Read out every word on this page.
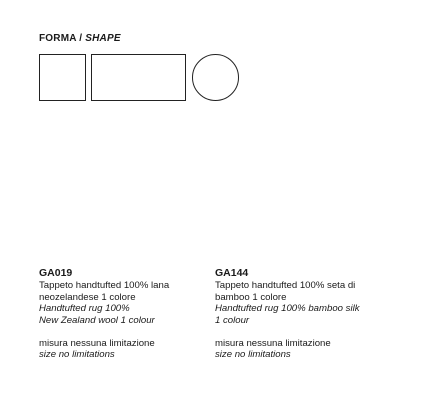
FORMA / SHAPE
GA019
Tappeto handtufted 100% lana
neozelandese 1 colore
Handtufted rug 100%
New Zealand wool 1 colour
misura nessuna limitazione
size no limitations
GA144
Tappeto handtufted 100% seta di
bamboo 1 colore
Handtufted rug 100% bamboo silk
1 colour
misura nessuna limitazione
size no limitations
